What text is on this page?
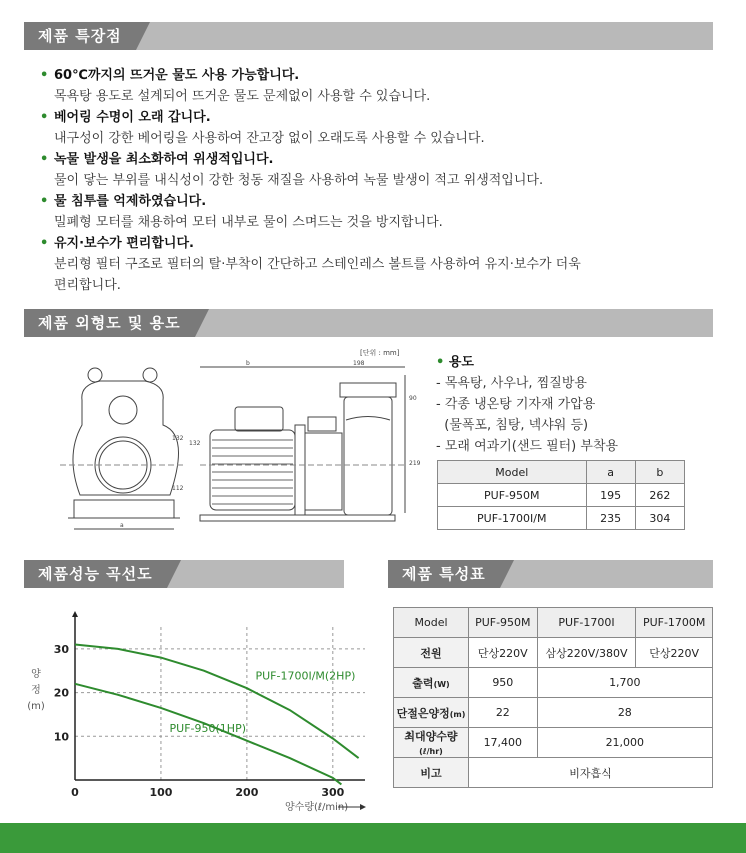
제품 특장점
제품 외형도 및 용도
제품성능 곡선도	제품 특성표
• 60℃까지의 뜨거운 물도 사용 가능합니다.
목욕탕 용도로 설계되어 뜨거운 물도 문제없이 사용할 수 있습니다.
• 베어링 수명이 오래 갑니다.
내구성이 강한 베어링을 사용하여 잔고장 없이 오래도록 사용할 수 있습니다.
• 녹물 발생을 최소화하여 위생적입니다.
물이 닿는 부위를 내식성이 강한 청동 재질을 사용하여 녹물 발생이 적고 위생적입니다.
• 물 침투를 억제하였습니다.
밀폐형 모터를 채용하여 모터 내부로 물이 스며드는 것을 방지합니다.
• 유지·보수가 편리합니다.
분리형 필터 구조로 필터의 탈·부착이 간단하고 스테인레스 볼트를 사용하여 유지·보수가 더욱
편리합니다.
[단위 : mm]
a
b	198
132
112
132
90
219
• 용도
- 목욕탕, 사우나, 찜질방용
- 각종 냉온탕 기자재 가압용
(물폭포, 침탕, 넥샤워 등)
- 모래 여과기(샌드 필터) 부착용
Model	a	b
PUF-950M	195	262
PUF-1700I/M	235	304
양
정
(m)
양수량(ℓ/min)
0	100	200	300
10
20
30
PUF-1700I/M(2HP)
PUF-950(1HP)
Model	PUF-950M	PUF-1700I	PUF-1700M
전원	단상220V	삼상220V/380V	단상220V
출력(W)	950	1,700	
단절은양정(m)	22	28	
최대양수량(ℓ/hr)	17,400	21,000	
비고	비자흡식		
